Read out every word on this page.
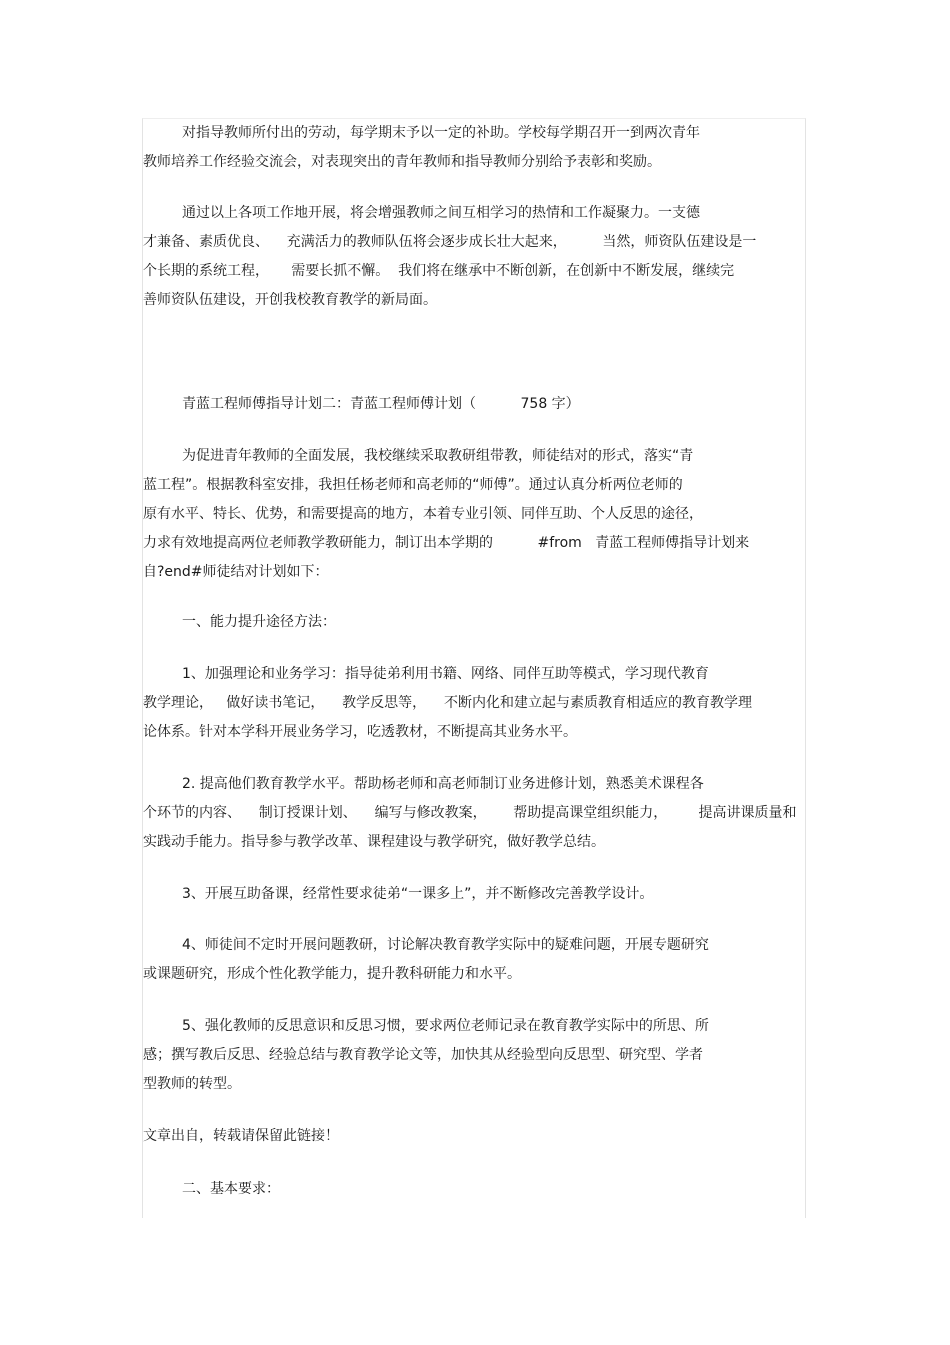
对指导教师所付出的劳动，每学期末予以一定的补助。学校每学期召开一到两次青年
教师培养工作经验交流会，对表现突出的青年教师和指导教师分别给予表彰和奖励。
通过以上各项工作地开展，将会增强教师之间互相学习的热情和工作凝聚力。一支德
才兼备、素质优良、    充满活力的教师队伍将会逐步成长壮大起来，        当然，师资队伍建设是一
个长期的系统工程，     需要长抓不懈。  我们将在继承中不断创新，在创新中不断发展，继续完
善师资队伍建设，开创我校教育教学的新局面。
青蓝工程师傅指导计划二：青蓝工程师傅计划（          758 字）
为促进青年教师的全面发展，我校继续采取教研组带教，师徒结对的形式，落实“青
蓝工程”。根据教科室安排，我担任杨老师和高老师的“师傅”。通过认真分析两位老师的
原有水平、特长、优势，和需要提高的地方，本着专业引领、同伴互助、个人反思的途径，
力求有效地提高两位老师教学教研能力，制订出本学期的          #from   青蓝工程师傅指导计划来
自?end#师徒结对计划如下：
一、能力提升途径方法：
1、加强理论和业务学习：指导徒弟利用书籍、网络、同伴互助等模式，学习现代教育
教学理论，   做好读书笔记，    教学反思等，    不断内化和建立起与素质教育相适应的教育教学理
论体系。针对本学科开展业务学习，吃透教材，不断提高其业务水平。
2. 提高他们教育教学水平。帮助杨老师和高老师制订业务进修计划，熟悉美术课程各
个环节的内容、    制订授课计划、    编写与修改教案，      帮助提高课堂组织能力，       提高讲课质量和
实践动手能力。指导参与教学改革、课程建设与教学研究，做好教学总结。
3、开展互助备课，经常性要求徒弟“一课多上”，并不断修改完善教学设计。
4、师徒间不定时开展问题教研，讨论解决教育教学实际中的疑难问题，开展专题研究
或课题研究，形成个性化教学能力，提升教科研能力和水平。
5、强化教师的反思意识和反思习惯，要求两位老师记录在教育教学实际中的所思、所
感；撰写教后反思、经验总结与教育教学论文等，加快其从经验型向反思型、研究型、学者
型教师的转型。
文章出自，转载请保留此链接！
二、基本要求：
